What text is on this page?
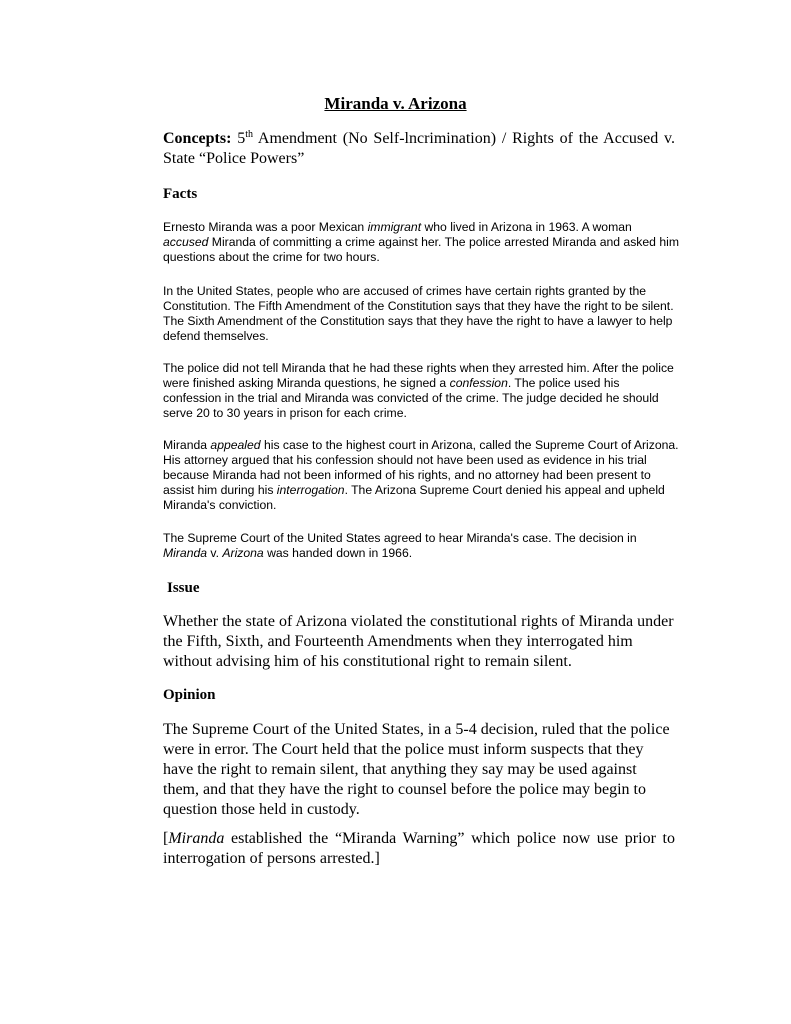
Miranda v. Arizona
Concepts: 5th Amendment (No Self-lncrimination) / Rights of the Accused v. State “Police Powers”
Facts
Ernesto Miranda was a poor Mexican immigrant who lived in Arizona in 1963. A woman accused Miranda of committing a crime against her. The police arrested Miranda and asked him questions about the crime for two hours.
In the United States, people who are accused of crimes have certain rights granted by the Constitution. The Fifth Amendment of the Constitution says that they have the right to be silent. The Sixth Amendment of the Constitution says that they have the right to have a lawyer to help defend themselves.
The police did not tell Miranda that he had these rights when they arrested him. After the police were finished asking Miranda questions, he signed a confession. The police used his confession in the trial and Miranda was convicted of the crime. The judge decided he should serve 20 to 30 years in prison for each crime.
Miranda appealed his case to the highest court in Arizona, called the Supreme Court of Arizona. His attorney argued that his confession should not have been used as evidence in his trial because Miranda had not been informed of his rights, and no attorney had been present to assist him during his interrogation. The Arizona Supreme Court denied his appeal and upheld Miranda's conviction.
The Supreme Court of the United States agreed to hear Miranda's case. The decision in Miranda v. Arizona was handed down in 1966.
Issue
Whether the state of Arizona violated the constitutional rights of Miranda under the Fifth, Sixth, and Fourteenth Amendments when they interrogated him without advising him of his constitutional right to remain silent.
Opinion
The Supreme Court of the United States, in a 5-4 decision, ruled that the police were in error. The Court held that the police must inform suspects that they have the right to remain silent, that anything they say may be used against them, and that they have the right to counsel before the police may begin to question those held in custody.
[Miranda established the “Miranda Warning” which police now use prior to interrogation of persons arrested.]
